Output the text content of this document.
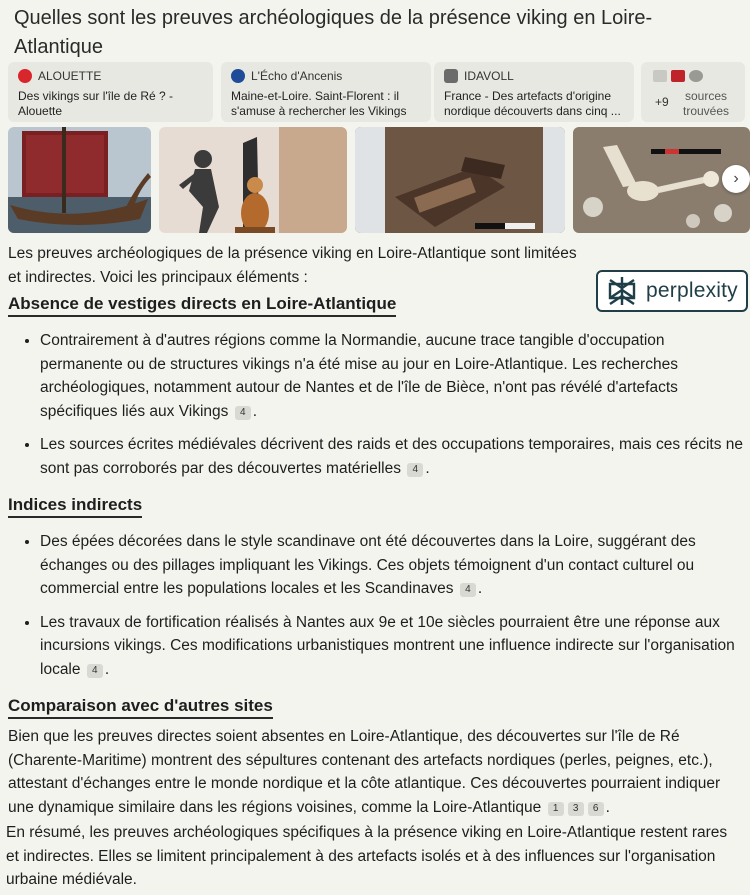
Quelles sont les preuves archéologiques de la présence viking en Loire-Atlantique
ALOUETTE
Des vikings sur l'île de Ré ? - Alouette
L'Écho d'Ancenis
Maine-et-Loire. Saint-Florent : il s'amuse à rechercher les Vikings
IDAVOLL
France - Des artefacts d'origine nordique découverts dans cinq ...
+9	sources trouvées
›
perplexity

Les preuves archéologiques de la présence viking en Loire-Atlantique sont limitées et indirectes. Voici les principaux éléments :

Absence de vestiges directs en Loire-Atlantique
• Contrairement à d'autres régions comme la Normandie, aucune trace tangible d'occupation permanente ou de structures vikings n'a été mise au jour en Loire-Atlantique. Les recherches archéologiques, notamment autour de Nantes et de l'île de Bièce, n'ont pas révélé d'artefacts spécifiques liés aux Vikings 4 .
• Les sources écrites médiévales décrivent des raids et des occupations temporaires, mais ces récits ne sont pas corroborés par des découvertes matérielles 4 .
Indices indirects
• Des épées décorées dans le style scandinave ont été découvertes dans la Loire, suggérant des échanges ou des pillages impliquant les Vikings. Ces objets témoignent d'un contact culturel ou commercial entre les populations locales et les Scandinaves 4 .
• Les travaux de fortification réalisés à Nantes aux 9e et 10e siècles pourraient être une réponse aux incursions vikings. Ces modifications urbanistiques montrent une influence indirecte sur l'organisation locale 4 .
Comparaison avec d'autres sites

Bien que les preuves directes soient absentes en Loire-Atlantique, des découvertes sur l'île de Ré (Charente-Maritime) montrent des sépultures contenant des artefacts nordiques (perles, peignes, etc.), attestant d'échanges entre le monde nordique et la côte atlantique. Ces découvertes pourraient indiquer une dynamique similaire dans les régions voisines, comme la Loire-Atlantique 1 3 6 .

En résumé, les preuves archéologiques spécifiques à la présence viking en Loire-Atlantique restent rares et indirectes. Elles se limitent principalement à des artefacts isolés et à des influences sur l'organisation urbaine médiévale.
